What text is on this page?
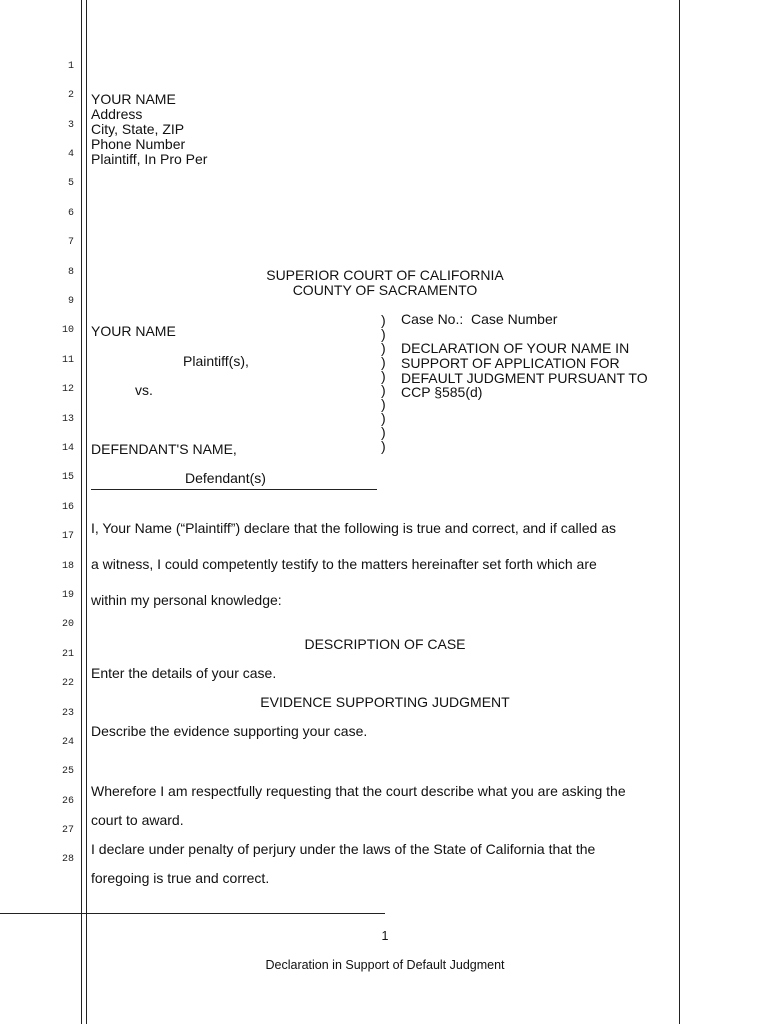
1
2
3
4
5
6
7
8
9
10
11
12
13
14
15
16
17
18
19
20
21
22
23
24
25
26
27
28
YOUR NAME
Address
City, State, ZIP
Phone Number
Plaintiff, In Pro Per
SUPERIOR COURT OF CALIFORNIA
COUNTY OF SACRAMENTO
YOUR NAME
Plaintiff(s),
vs.
DEFENDANT'S NAME,
Defendant(s)
)
)
)
)
)
)
)
)
)
)
Case No.: Case Number
DECLARATION OF YOUR NAME IN
SUPPORT OF APPLICATION FOR
DEFAULT JUDGMENT PURSUANT TO
CCP §585(d)
I, Your Name (“Plaintiff”) declare that the following is true and correct, and if called as
a witness, I could competently testify to the matters hereinafter set forth which are
within my personal knowledge:
DESCRIPTION OF CASE
Enter the details of your case.
EVIDENCE SUPPORTING JUDGMENT
Describe the evidence supporting your case.
Wherefore I am respectfully requesting that the court describe what you are asking the
court to award.
I declare under penalty of perjury under the laws of the State of California that the
foregoing is true and correct.
1
Declaration in Support of Default Judgment
